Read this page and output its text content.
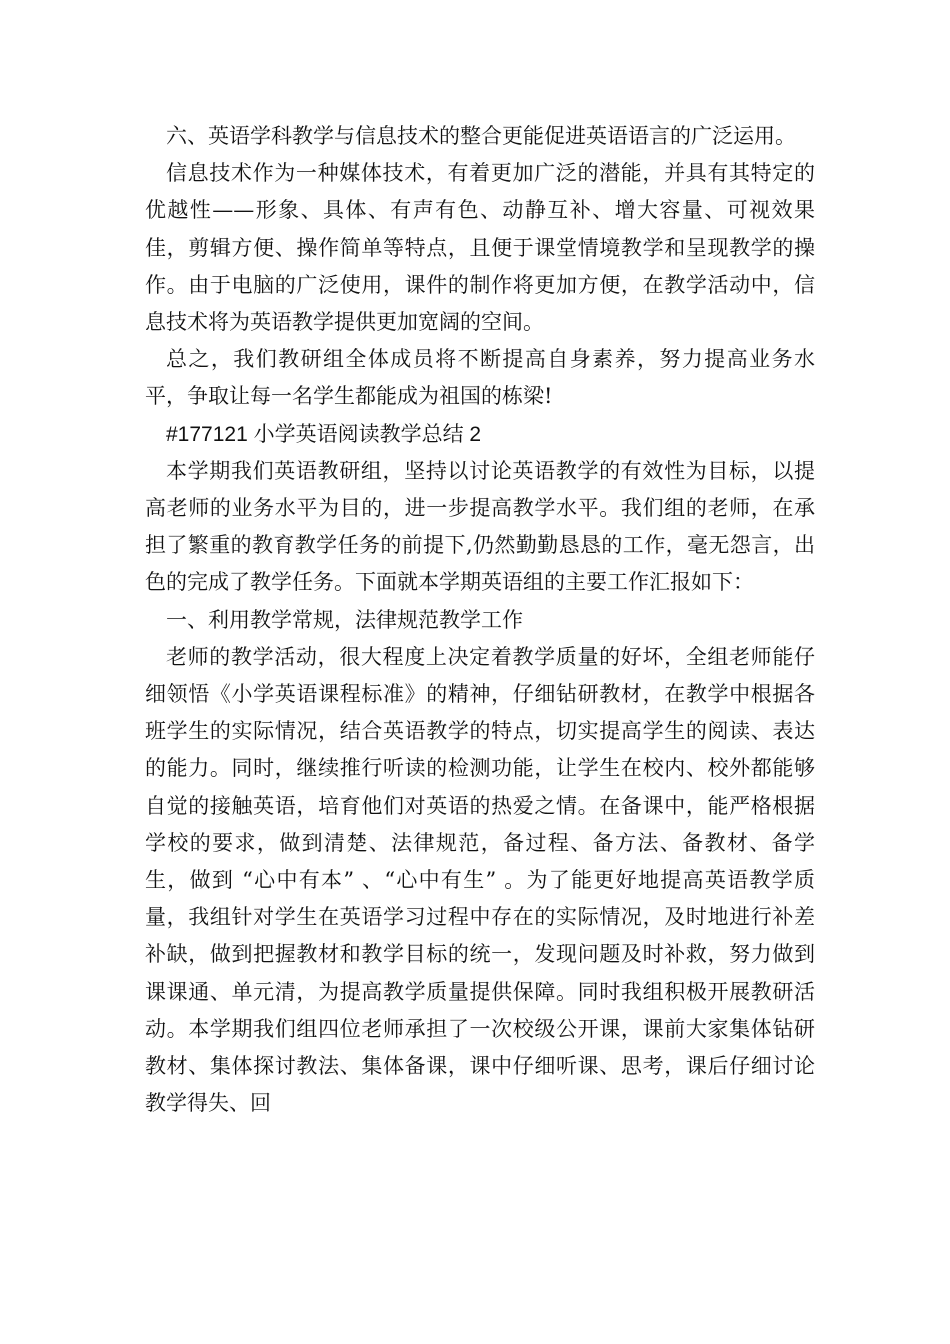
六、英语学科教学与信息技术的整合更能促进英语语言的广泛运用。

信息技术作为一种媒体技术，有着更加广泛的潜能，并具有其特定的优越性——形象、具体、有声有色、动静互补、增大容量、可视效果佳，剪辑方便、操作简单等特点，且便于课堂情境教学和呈现教学的操作。由于电脑的广泛使用，课件的制作将更加方便，在教学活动中，信息技术将为英语教学提供更加宽阔的空间。

总之，我们教研组全体成员将不断提高自身素养，努力提高业务水平，争取让每一名学生都能成为祖国的栋梁!

#177121 小学英语阅读教学总结 2

本学期我们英语教研组，坚持以讨论英语教学的有效性为目标，以提高老师的业务水平为目的，进一步提高教学水平。我们组的老师，在承担了繁重的教育教学任务的前提下,仍然勤勤恳恳的工作，毫无怨言，出色的完成了教学任务。下面就本学期英语组的主要工作汇报如下：

一、利用教学常规，法律规范教学工作

老师的教学活动，很大程度上决定着教学质量的好坏，全组老师能仔细领悟《小学英语课程标准》的精神，仔细钻研教材，在教学中根据各班学生的实际情况，结合英语教学的特点，切实提高学生的阅读、表达的能力。同时，继续推行听读的检测功能，让学生在校内、校外都能够自觉的接触英语，培育他们对英语的热爱之情。在备课中，能严格根据学校的要求，做到清楚、法律规范，备过程、备方法、备教材、备学生，做到 “心中有本” 、“心中有生” 。为了能更好地提高英语教学质量，我组针对学生在英语学习过程中存在的实际情况，及时地进行补差补缺，做到把握教材和教学目标的统一，发现问题及时补救，努力做到课课通、单元清，为提高教学质量提供保障。同时我组积极开展教研活动。本学期我们组四位老师承担了一次校级公开课，课前大家集体钻研教材、集体探讨教法、集体备课，课中仔细听课、思考，课后仔细讨论教学得失、回
